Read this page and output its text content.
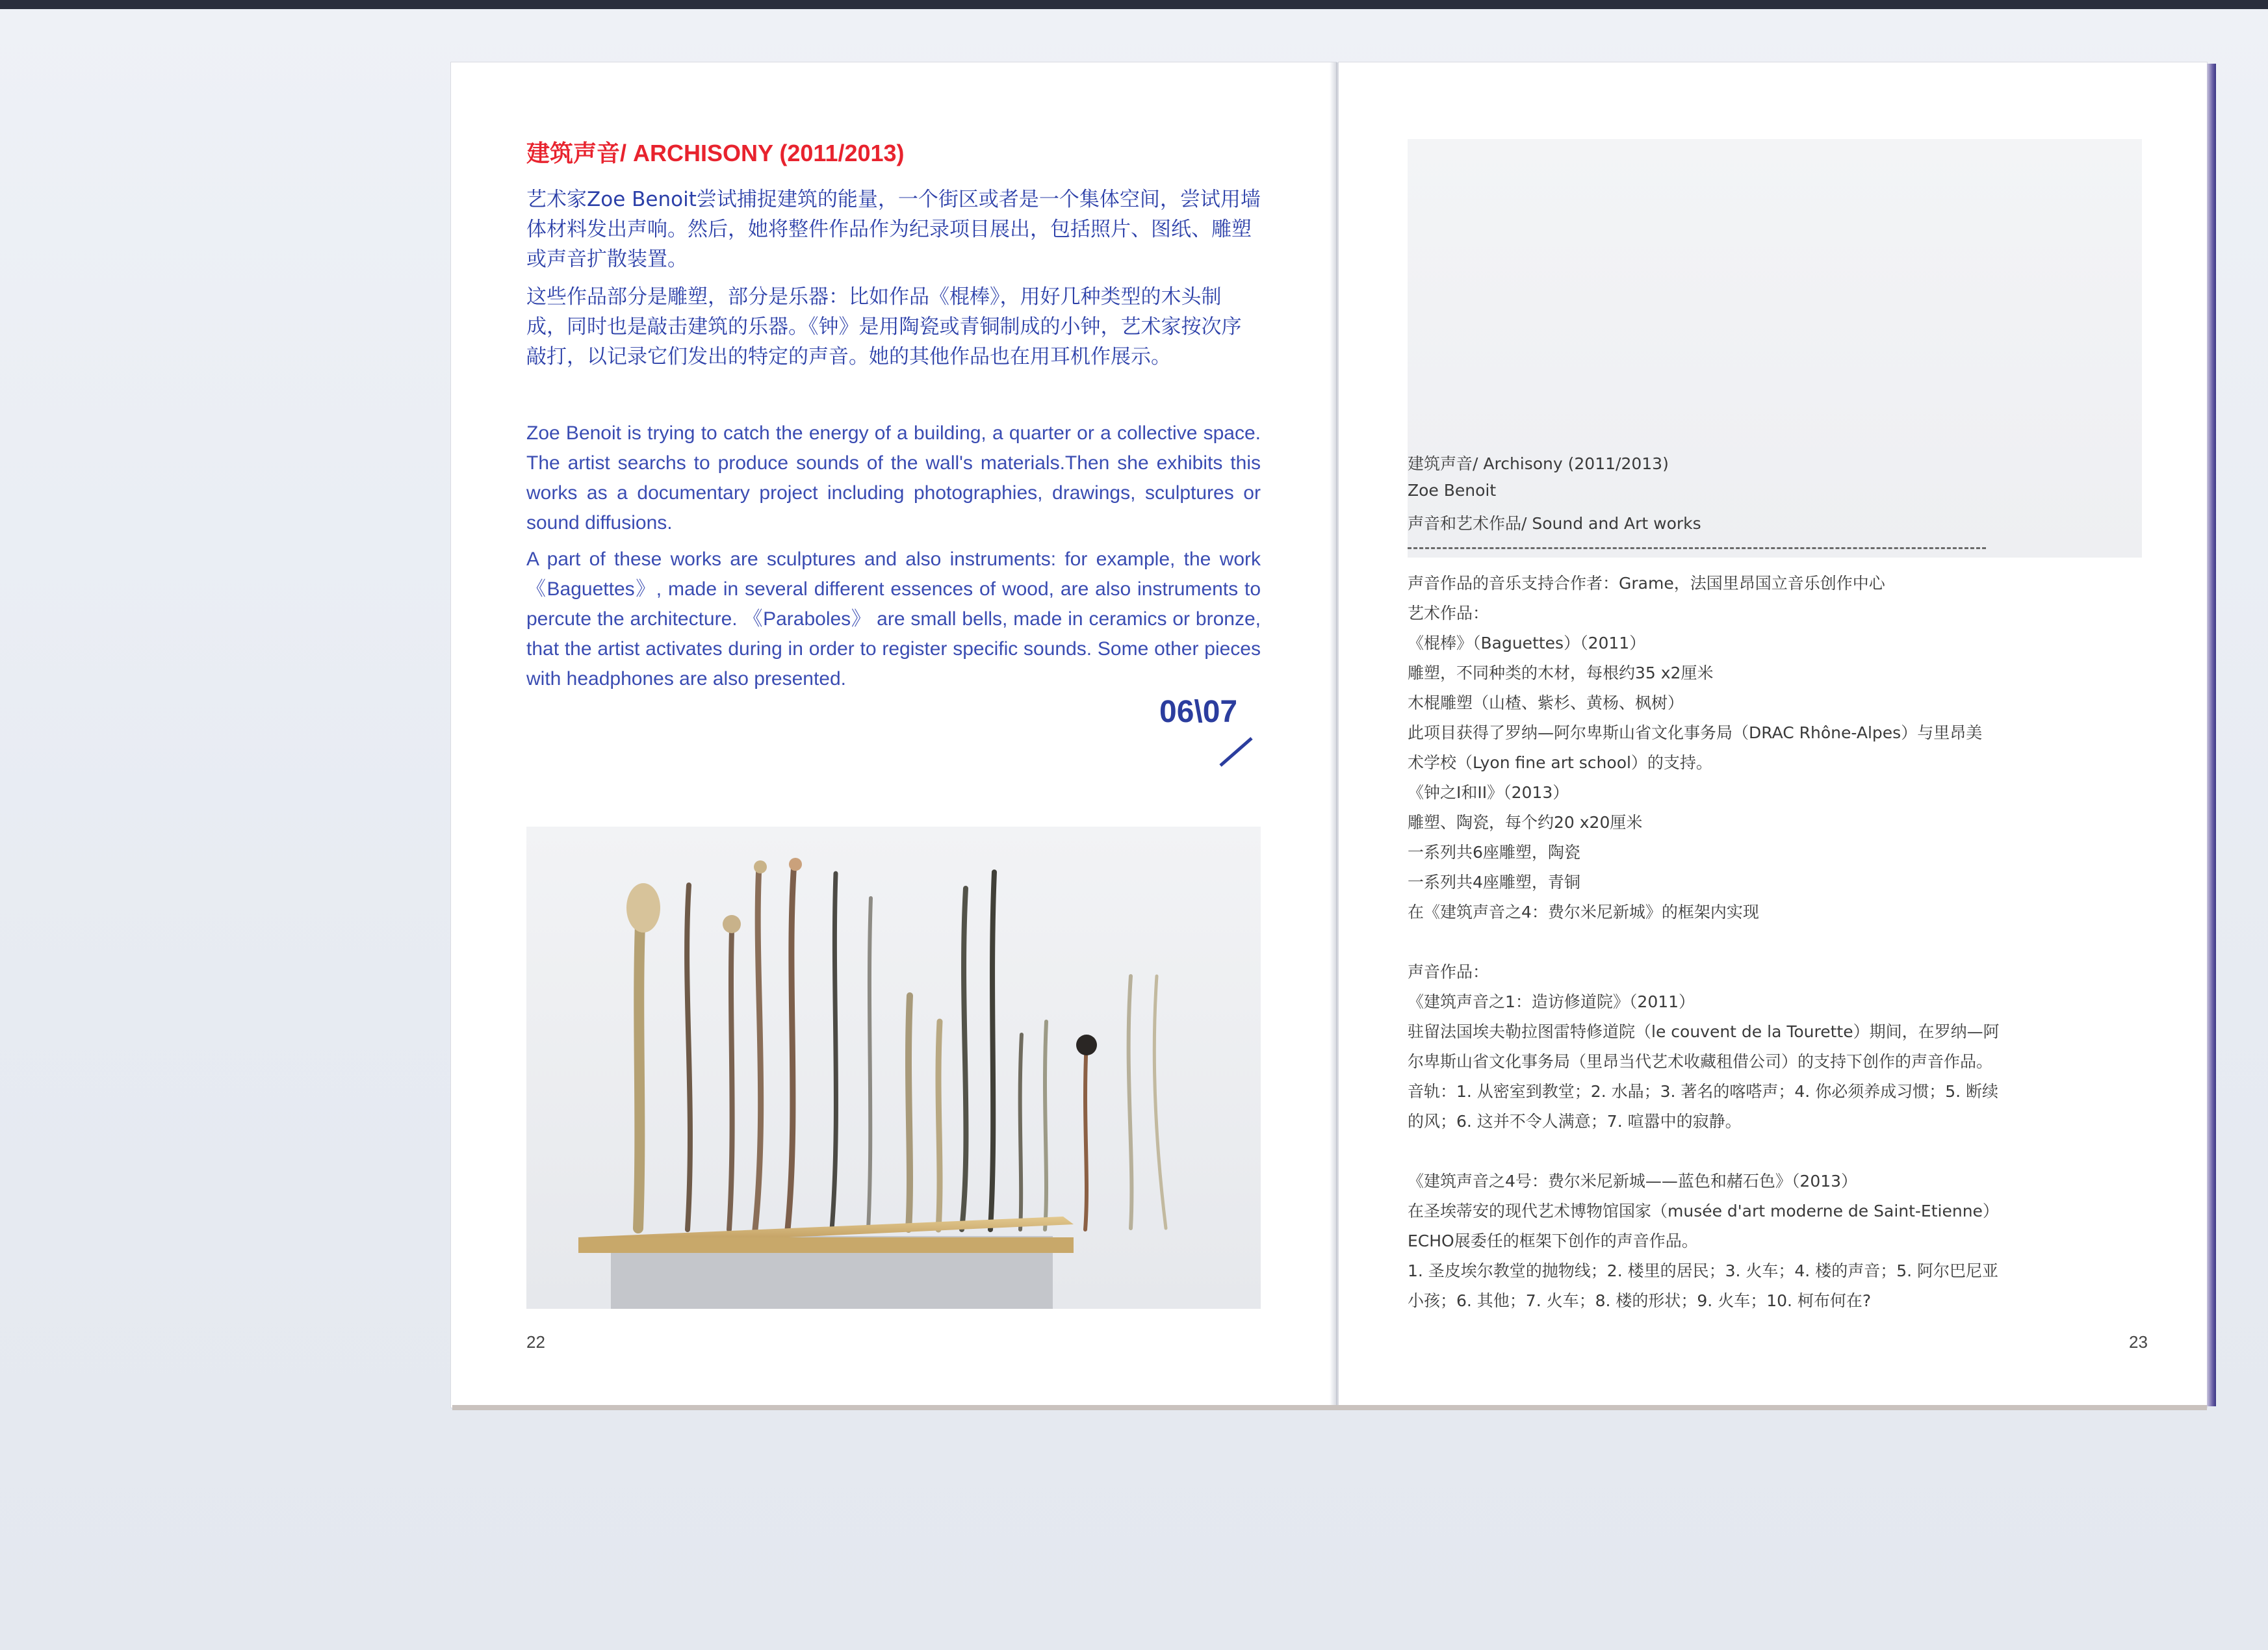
建筑声音/ ARCHISONY (2011/2013)

艺术家Zoe Benoit尝试捕捉建筑的能量，一个街区或者是一个集体空间，尝试用墙体材料发出声响。然后，她将整件作品作为纪录项目展出，包括照片、图纸、雕塑或声音扩散装置。

这些作品部分是雕塑，部分是乐器：比如作品《棍棒》，用好几种类型的木头制成，同时也是敲击建筑的乐器。《钟》是用陶瓷或青铜制成的小钟，艺术家按次序敲打，以记录它们发出的特定的声音。她的其他作品也在用耳机作展示。

Zoe Benoit is trying to catch the energy of a building, a quarter or a collective space. The artist searchs to produce sounds of the wall's materials.Then she exhibits this works as a documentary project including photographies, drawings, sculptures or sound diffusions.

A part of these works are sculptures and also instruments: for example, the work 《Baguettes》, made in several different essences of wood, are also instruments to percute the architecture. 《Paraboles》 are small bells, made in ceramics or bronze, that the artist activates during in order to register specific sounds. Some other pieces with headphones are also presented.

06\07
22

建筑声音/ Archisony (2011/2013)

Zoe Benoit

声音和艺术作品/ Sound and Art works

声音作品的音乐支持合作者：Grame，法国里昂国立音乐创作中心

艺术作品：

《棍棒》（Baguettes）（2011）

雕塑，不同种类的木材，每根约35 x2厘米

木棍雕塑（山楂、紫杉、黄杨、枫树）

此项目获得了罗纳—阿尔卑斯山省文化事务局（DRAC Rhône-Alpes）与里昂美

术学校（Lyon fine art school）的支持。

《钟之I和II》（2013）

雕塑、陶瓷，每个约20 x20厘米

一系列共6座雕塑，陶瓷

一系列共4座雕塑，青铜

在《建筑声音之4：费尔米尼新城》的框架内实现

声音作品：

《建筑声音之1：造访修道院》（2011）

驻留法国埃夫勒拉图雷特修道院（le couvent de la Tourette）期间，在罗纳—阿

尔卑斯山省文化事务局（里昂当代艺术收藏租借公司）的支持下创作的声音作品。

音轨：1. 从密室到教堂；2. 水晶；3. 著名的喀嗒声；4. 你必须养成习惯；5. 断续

的风；6. 这并不令人满意；7. 喧嚣中的寂静。

《建筑声音之4号：费尔米尼新城——蓝色和赭石色》（2013）

在圣埃蒂安的现代艺术博物馆国家（musée d'art moderne de Saint-Etienne）

ECHO展委任的框架下创作的声音作品。

1. 圣皮埃尔教堂的抛物线；2. 楼里的居民；3. 火车；4. 楼的声音；5. 阿尔巴尼亚

小孩；6. 其他；7. 火车；8. 楼的形状；9. 火车；10. 柯布何在?

23
